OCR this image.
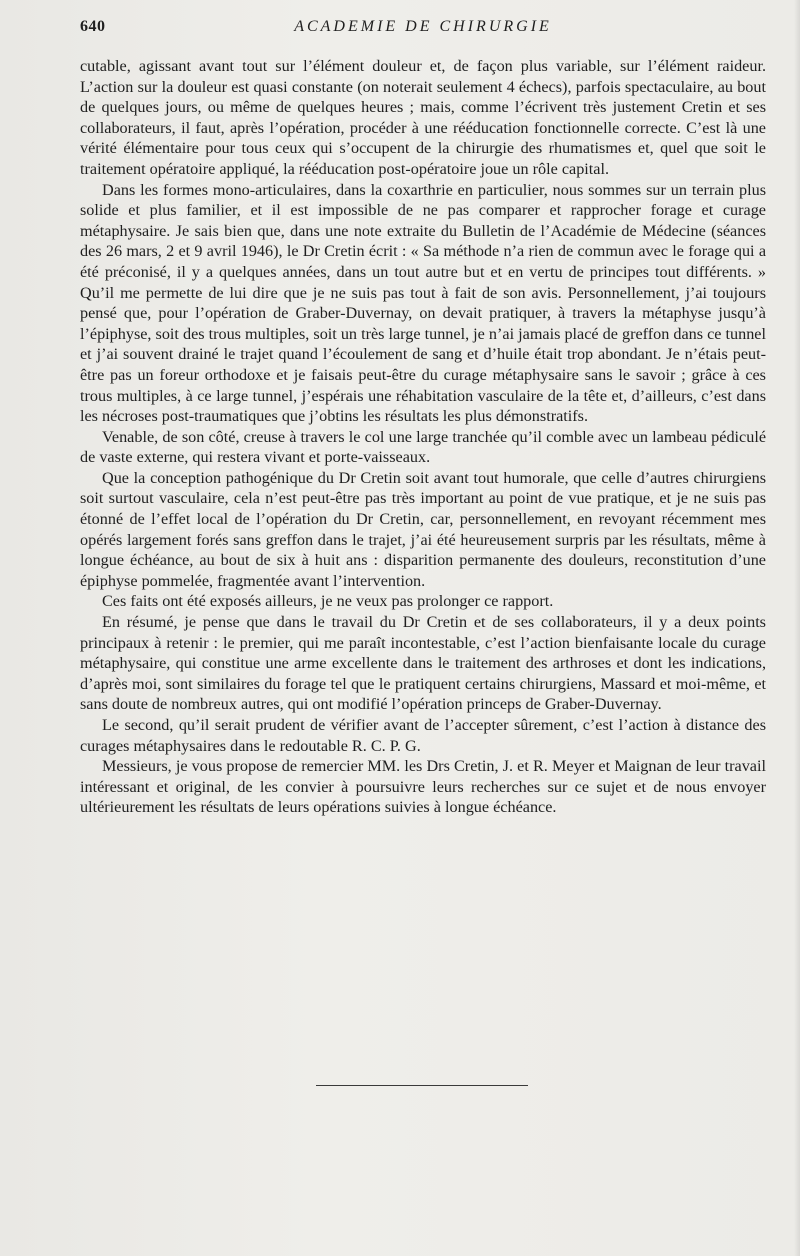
640	ACADEMIE DE CHIRURGIE

cutable, agissant avant tout sur l’élément douleur et, de façon plus variable, sur l’élément raideur. L’action sur la douleur est quasi constante (on noterait seulement 4 échecs), parfois spectaculaire, au bout de quelques jours, ou même de quelques heures ; mais, comme l’écrivent très justement Cretin et ses collaborateurs, il faut, après l’opération, procéder à une rééducation fonctionnelle correcte. C’est là une vérité élémentaire pour tous ceux qui s’occupent de la chirurgie des rhumatismes et, quel que soit le traitement opératoire appliqué, la rééducation post-opératoire joue un rôle capital.

Dans les formes mono-articulaires, dans la coxarthrie en particulier, nous sommes sur un terrain plus solide et plus familier, et il est impossible de ne pas comparer et rapprocher forage et curage métaphysaire. Je sais bien que, dans une note extraite du Bulletin de l’Académie de Médecine (séances des 26 mars, 2 et 9 avril 1946), le Dr Cretin écrit : « Sa méthode n’a rien de commun avec le forage qui a été préconisé, il y a quelques années, dans un tout autre but et en vertu de principes tout différents. » Qu’il me permette de lui dire que je ne suis pas tout à fait de son avis. Personnellement, j’ai toujours pensé que, pour l’opération de Graber-Duvernay, on devait pratiquer, à travers la métaphyse jusqu’à l’épiphyse, soit des trous multiples, soit un très large tunnel, je n’ai jamais placé de greffon dans ce tunnel et j’ai souvent drainé le trajet quand l’écoulement de sang et d’huile était trop abondant. Je n’étais peut-être pas un foreur orthodoxe et je faisais peut-être du curage métaphysaire sans le savoir ; grâce à ces trous multiples, à ce large tunnel, j’espérais une réhabitation vasculaire de la tête et, d’ailleurs, c’est dans les nécroses post-traumatiques que j’obtins les résultats les plus démonstratifs.

Venable, de son côté, creuse à travers le col une large tranchée qu’il comble avec un lambeau pédiculé de vaste externe, qui restera vivant et porte-vaisseaux.

Que la conception pathogénique du Dr Cretin soit avant tout humorale, que celle d’autres chirurgiens soit surtout vasculaire, cela n’est peut-être pas très important au point de vue pratique, et je ne suis pas étonné de l’effet local de l’opération du Dr Cretin, car, personnellement, en revoyant récemment mes opérés largement forés sans greffon dans le trajet, j’ai été heureusement surpris par les résultats, même à longue échéance, au bout de six à huit ans : disparition permanente des douleurs, reconstitution d’une épiphyse pommelée, fragmentée avant l’intervention.

Ces faits ont été exposés ailleurs, je ne veux pas prolonger ce rapport.

En résumé, je pense que dans le travail du Dr Cretin et de ses collaborateurs, il y a deux points principaux à retenir : le premier, qui me paraît incontestable, c’est l’action bienfaisante locale du curage métaphysaire, qui constitue une arme excellente dans le traitement des arthroses et dont les indications, d’après moi, sont similaires du forage tel que le pratiquent certains chirurgiens, Massard et moi-même, et sans doute de nombreux autres, qui ont modifié l’opération princeps de Graber-Duvernay.

Le second, qu’il serait prudent de vérifier avant de l’accepter sûrement, c’est l’action à distance des curages métaphysaires dans le redoutable R. C. P. G.

Messieurs, je vous propose de remercier MM. les Drs Cretin, J. et R. Meyer et Maignan de leur travail intéressant et original, de les convier à poursuivre leurs recherches sur ce sujet et de nous envoyer ultérieurement les résultats de leurs opérations suivies à longue échéance.
